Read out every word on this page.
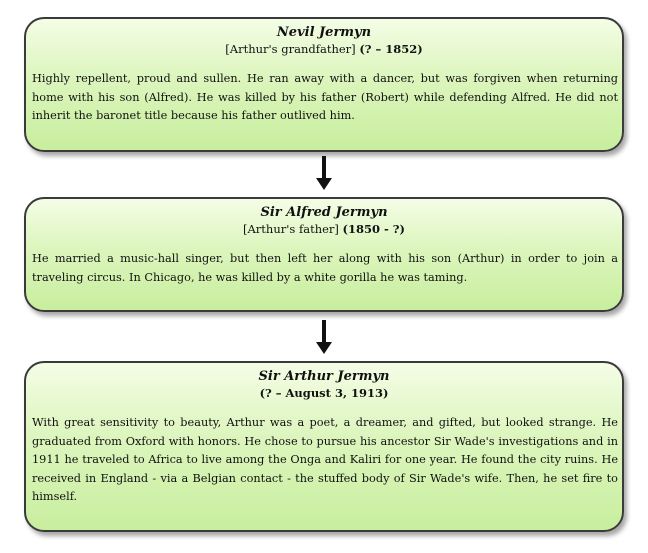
Nevil Jermyn
[Arthur's grandfather] (? – 1852)
Highly repellent, proud and sullen. He ran away with a dancer, but was forgiven when returning home with his son (Alfred). He was killed by his father (Robert) while defending Alfred. He did not inherit the baronet title because his father outlived him.
Sir Alfred Jermyn
[Arthur's father] (1850 - ?)
He married a music-hall singer, but then left her along with his son (Arthur) in order to join a traveling circus. In Chicago, he was killed by a white gorilla he was taming.
Sir Arthur Jermyn
(? – August 3, 1913)
With great sensitivity to beauty, Arthur was a poet, a dreamer, and gifted, but looked strange. He graduated from Oxford with honors. He chose to pursue his ancestor Sir Wade's investigations and in 1911 he traveled to Africa to live among the Onga and Kaliri for one year. He found the city ruins. He received in England - via a Belgian contact - the stuffed body of Sir Wade's wife. Then, he set fire to himself.
